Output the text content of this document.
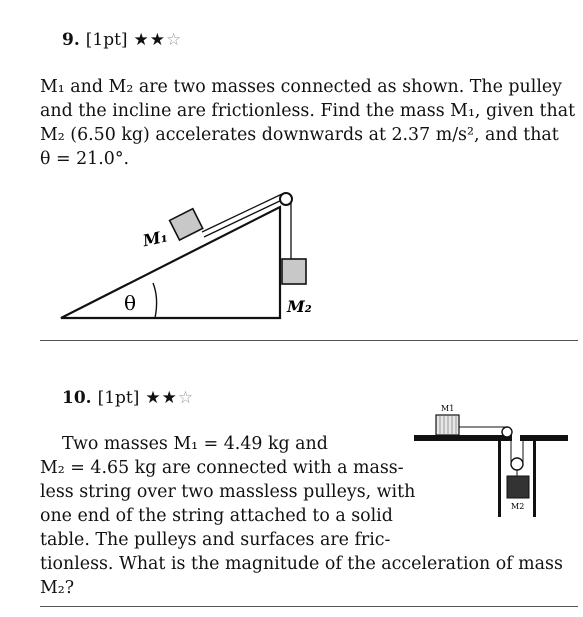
9. [1pt] ★★☆
M₁ and M₂ are two masses connected as shown. The pulley
and the incline are frictionless. Find the mass M₁, given that
M₂ (6.50 kg) accelerates downwards at 2.37 m/s², and that
θ = 21.0°.
θ
M₁
M₂
M1
M2
10. [1pt] ★★☆
Two masses M₁ = 4.49 kg and
M₂ = 4.65 kg are connected with a mass-
less string over two massless pulleys, with
one end of the string attached to a solid
table. The pulleys and surfaces are fric-
tionless. What is the magnitude of the acceleration of mass
M₂?
